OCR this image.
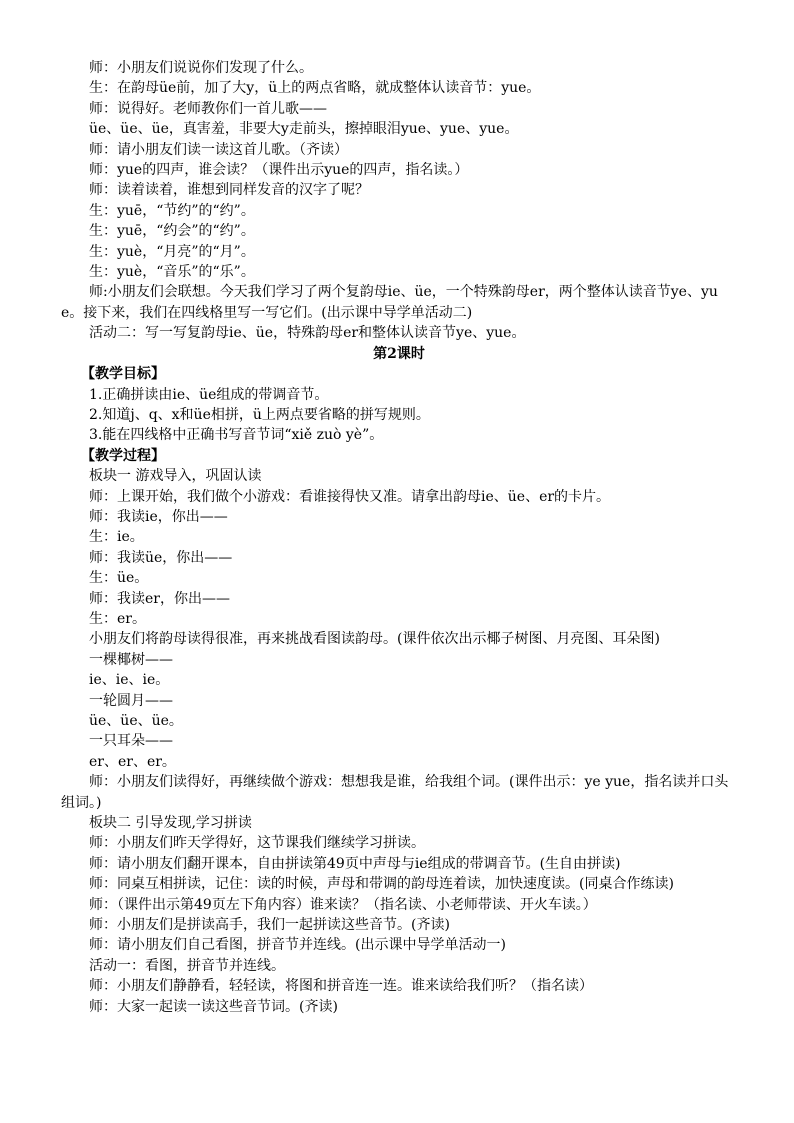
师：小朋友们说说你们发现了什么。

生：在韵母üe前，加了大y，ü上的两点省略，就成整体认读音节：yue。

师：说得好。老师教你们一首儿歌——

üe、üe、üe，真害羞，非要大y走前头，擦掉眼泪yue、yue、yue。

师：请小朋友们读一读这首儿歌。（齐读）

师：yue的四声，谁会读？（课件出示yue的四声，指名读。）

师：读着读着，谁想到同样发音的汉字了呢？

生：yuē，“节约”的“约”。

生：yuē，“约会”的“约”。

生：yuè，“月亮”的“月”。

生：yuè，“音乐”的“乐”。

师:小朋友们会联想。今天我们学习了两个复韵母ie、üe，一个特殊韵母er，两个整体认读音节ye、yue。接下来，我们在四线格里写一写它们。(出示课中导学单活动二)

活动二：写一写复韵母ie、üe，特殊韵母er和整体认读音节ye、yue。

第2课时

【教学目标】

1.正确拼读由ie、üe组成的带调音节。

2.知道j、q、x和üe相拼，ü上两点要省略的拼写规则。

3.能在四线格中正确书写音节词“xiě zuò yè”。

【教学过程】

板块一 游戏导入，巩固认读

师：上课开始，我们做个小游戏：看谁接得快又准。请拿出韵母ie、üe、er的卡片。

师：我读ie，你出——

生：ie。

师：我读üe，你出——

生：üe。

师：我读er，你出——

生：er。

小朋友们将韵母读得很准，再来挑战看图读韵母。(课件依次出示椰子树图、月亮图、耳朵图)

一棵椰树——

ie、ie、ie。

一轮圆月——

üe、üe、üe。

一只耳朵——

er、er、er。

师：小朋友们读得好，再继续做个游戏：想想我是谁，给我组个词。(课件出示：ye yue，指名读并口头组词。)

板块二 引导发现,学习拼读

师：小朋友们昨天学得好，这节课我们继续学习拼读。

师：请小朋友们翻开课本，自由拼读第49页中声母与ie组成的带调音节。(生自由拼读)

师：同桌互相拼读，记住：读的时候，声母和带调的韵母连着读，加快速度读。(同桌合作练读)

师：（课件出示第49页左下角内容）谁来读？（指名读、小老师带读、开火车读。）

师：小朋友们是拼读高手，我们一起拼读这些音节。(齐读)

师：请小朋友们自己看图，拼音节并连线。(出示课中导学单活动一)

活动一：看图，拼音节并连线。

师：小朋友们静静看，轻轻读，将图和拼音连一连。谁来读给我们听？（指名读）

师：大家一起读一读这些音节词。(齐读)
